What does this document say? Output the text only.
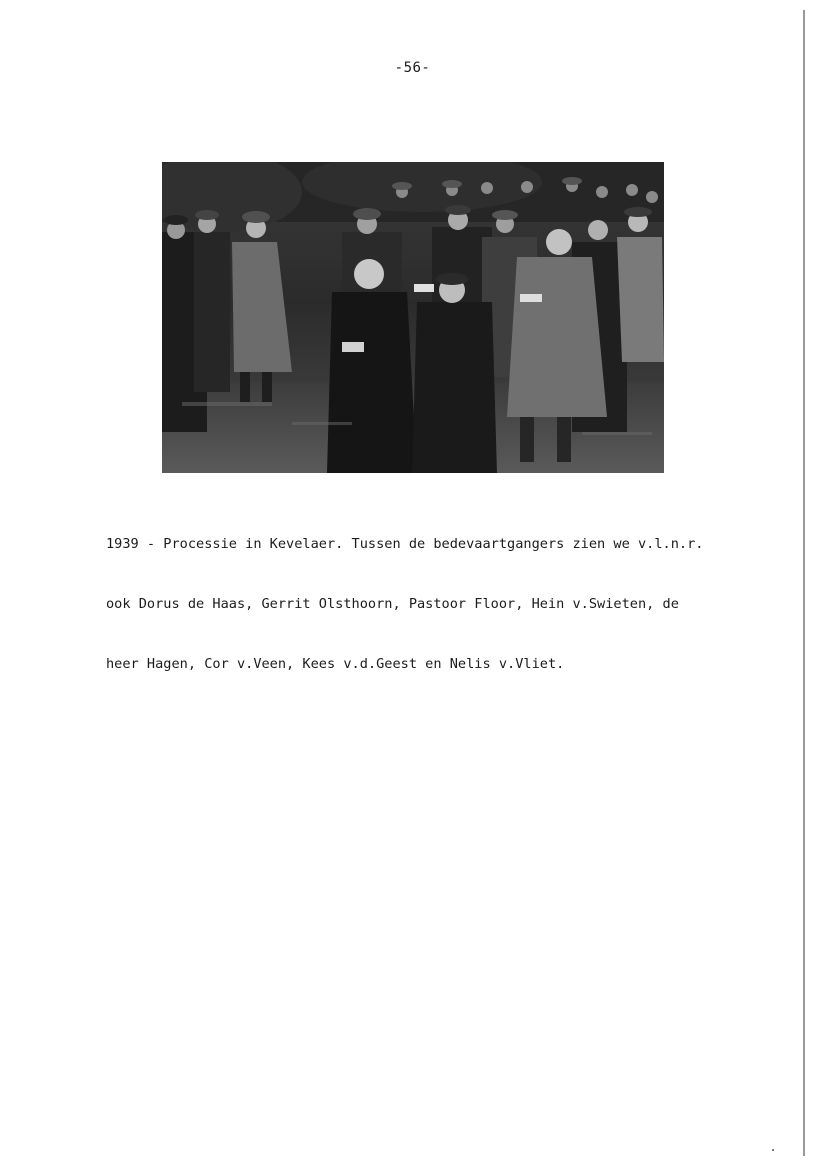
-56-

1939 - Processie in Kevelaer. Tussen de bedevaartgangers zien we v.l.n.r.

ook Dorus de Haas, Gerrit Olsthoorn, Pastoor Floor, Hein v.Swieten, de

heer Hagen, Cor v.Veen, Kees v.d.Geest en Nelis v.Vliet.
